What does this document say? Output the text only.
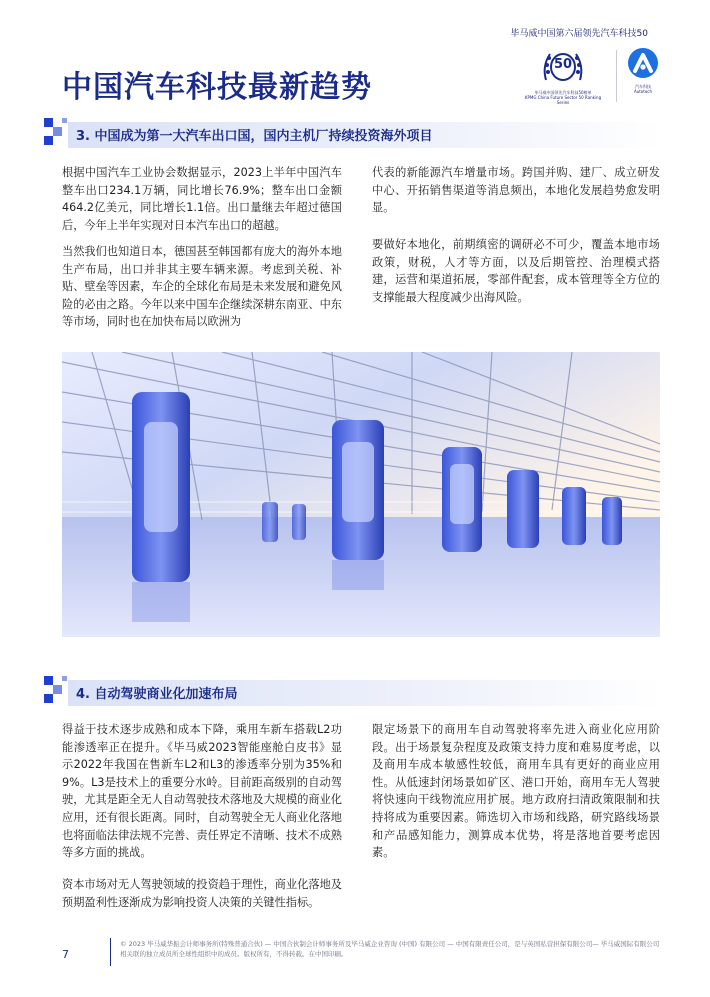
毕马威中国第六届领先汽车科技50
中国汽车科技最新趋势
50
毕马威中国领先汽车科技50榜单
KPMG China Future Sector 50 Ranking Series
汽车科技
Autotech
3. 中国成为第一大汽车出口国，国内主机厂持续投资海外项目

根据中国汽车工业协会数据显示，2023上半年中国汽车整车出口234.1万辆，同比增长76.9%；整车出口金额464.2亿美元，同比增长1.1倍。出口量继去年超过德国后，今年上半年实现对日本汽车出口的超越。

当然我们也知道日本，德国甚至韩国都有庞大的海外本地生产布局，出口并非其主要车辆来源。考虑到关税、补贴、壁垒等因素，车企的全球化布局是未来发展和避免风险的必由之路。今年以来中国车企继续深耕东南亚、中东等市场，同时也在加快布局以欧洲为

代表的新能源汽车增量市场。跨国并购、建厂、成立研发中心、开拓销售渠道等消息频出，本地化发展趋势愈发明显。

要做好本地化，前期缜密的调研必不可少，覆盖本地市场政策，财税，人才等方面，以及后期管控、治理模式搭建，运营和渠道拓展，零部件配套，成本管理等全方位的支撑能最大程度减少出海风险。

4. 自动驾驶商业化加速布局

得益于技术逐步成熟和成本下降，乘用车新车搭载L2功能渗透率正在提升。《毕马威2023智能座舱白皮书》显示2022年我国在售新车L2和L3的渗透率分别为35%和9%。L3是技术上的重要分水岭。目前距高级别的自动驾驶，尤其是距全无人自动驾驶技术落地及大规模的商业化应用，还有很长距离。同时，自动驾驶全无人商业化落地也将面临法律法规不完善、责任界定不清晰、技术不成熟等多方面的挑战。

资本市场对无人驾驶领域的投资趋于理性，商业化落地及预期盈利性逐渐成为影响投资人决策的关键性指标。

限定场景下的商用车自动驾驶将率先进入商业化应用阶段。出于场景复杂程度及政策支持力度和难易度考虑，以及商用车成本敏感性较低，商用车具有更好的商业应用性。从低速封闭场景如矿区、港口开始，商用车无人驾驶将快速向干线物流应用扩展。地方政府扫清政策限制和扶持将成为重要因素。筛选切入市场和线路，研究路线场景和产品感知能力，测算成本优势，将是落地首要考虑因素。

7
© 2023 毕马威华振会计师事务所(特殊普通合伙) — 中国合伙制会计师事务所及毕马威企业咨询 (中国) 有限公司 — 中国有限责任公司，是与英国私营担保有限公司— 毕马威国际有限公司相关联的独立成员所全球性组织中的成员。版权所有，不得转载。在中国印刷。
